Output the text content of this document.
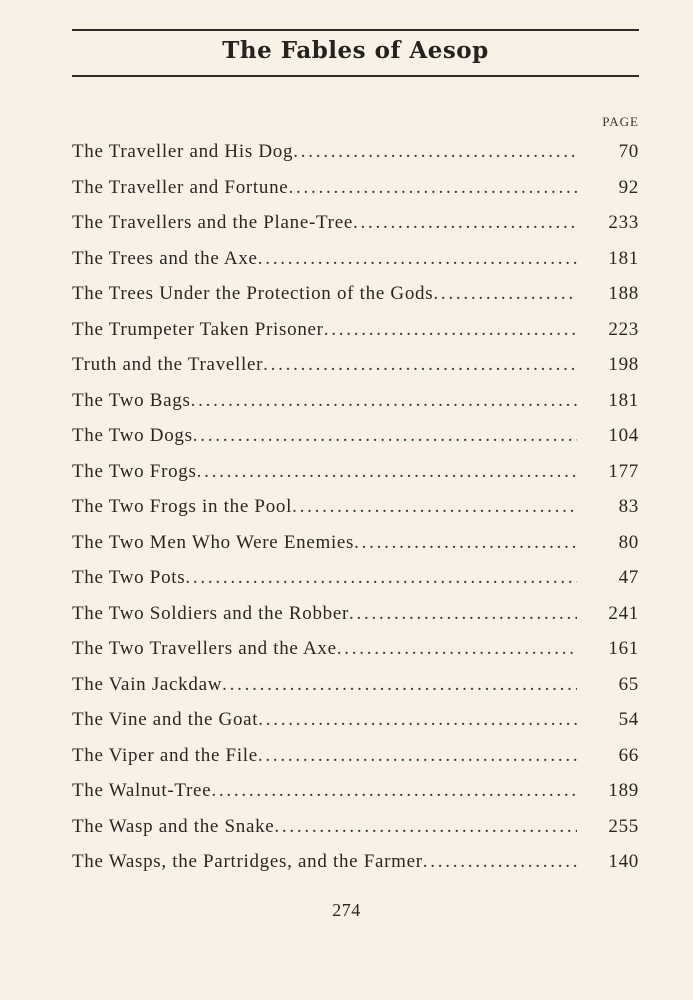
The Fables of Aesop
PAGE
The Traveller and His Dog . . .	70
The Traveller and Fortune . . .	92
The Travellers and the Plane-Tree . . .	233
The Trees and the Axe . . .	181
The Trees Under the Protection of the Gods . . .	188
The Trumpeter Taken Prisoner . . .	223
Truth and the Traveller . . .	198
The Two Bags . . .	181
The Two Dogs . . .	104
The Two Frogs . . .	177
The Two Frogs in the Pool . . .	83
The Two Men Who Were Enemies . . .	80
The Two Pots . . .	47
The Two Soldiers and the Robber . . .	241
The Two Travellers and the Axe . . .	161
The Vain Jackdaw . . .	65
The Vine and the Goat . . .	54
The Viper and the File . . .	66
The Walnut-Tree . . .	189
The Wasp and the Snake . . .	255
The Wasps, the Partridges, and the Farmer . . .	140
274
